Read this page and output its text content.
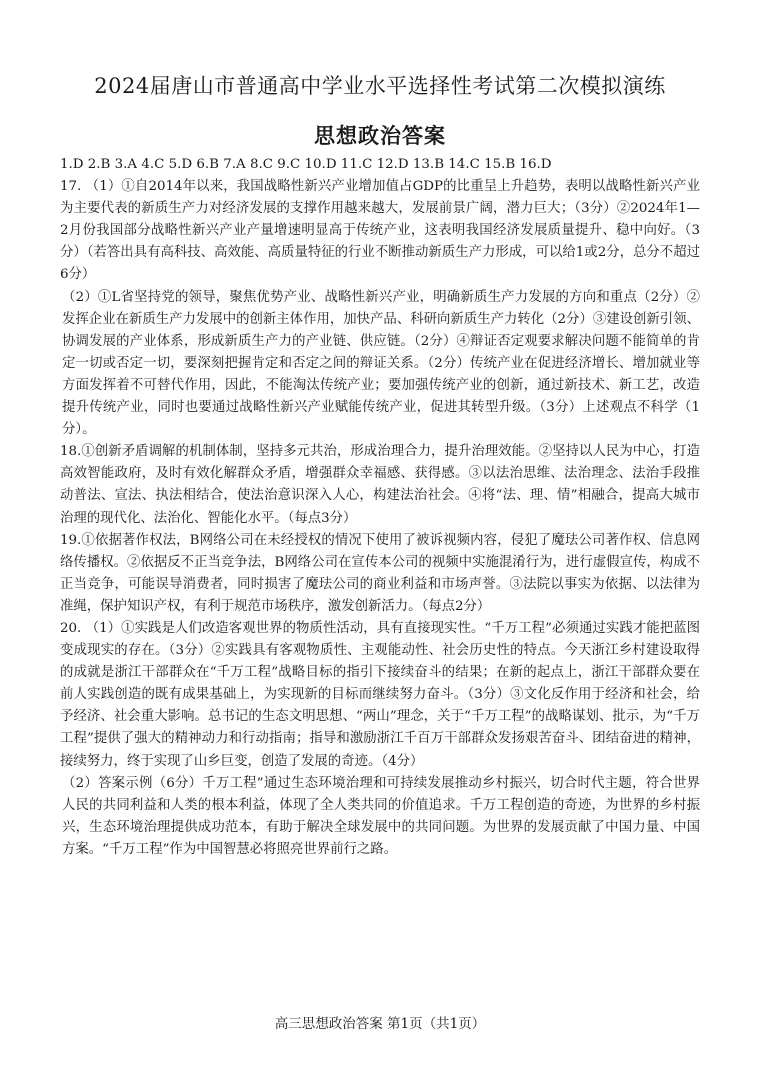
2024届唐山市普通高中学业水平选择性考试第二次模拟演练
思想政治答案

1.D 2.B 3.A 4.C 5.D 6.B 7.A 8.C 9.C 10.D 11.C 12.D 13.B 14.C 15.B 16.D

17. （1）①自2014年以来，我国战略性新兴产业增加值占GDP的比重呈上升趋势，表明以战略性新兴产业为主要代表的新质生产力对经济发展的支撑作用越来越大，发展前景广阔，潜力巨大；（3分）②2024年1—2月份我国部分战略性新兴产业产量增速明显高于传统产业，这表明我国经济发展质量提升、稳中向好。（3分）（若答出具有高科技、高效能、高质量特征的行业不断推动新质生产力形成，可以给1或2分，总分不超过6分）

（2）①L省坚持党的领导，聚焦优势产业、战略性新兴产业，明确新质生产力发展的方向和重点（2分）②发挥企业在新质生产力发展中的创新主体作用，加快产品、科研向新质生产力转化（2分）③建设创新引领、协调发展的产业体系，形成新质生产力的产业链、供应链。（2分）④辩证否定观要求解决问题不能简单的肯定一切或否定一切，要深刻把握肯定和否定之间的辩证关系。（2分）传统产业在促进经济增长、增加就业等方面发挥着不可替代作用，因此，不能淘汰传统产业；要加强传统产业的创新，通过新技术、新工艺，改造提升传统产业，同时也要通过战略性新兴产业赋能传统产业，促进其转型升级。（3分）上述观点不科学（1分）。

18.①创新矛盾调解的机制体制，坚持多元共治，形成治理合力，提升治理效能。②坚持以人民为中心，打造高效智能政府，及时有效化解群众矛盾，增强群众幸福感、获得感。③以法治思维、法治理念、法治手段推动普法、宣法、执法相结合，使法治意识深入人心，构建法治社会。④将“法、理、情”相融合，提高大城市治理的现代化、法治化、智能化水平。（每点3分）

19.①依据著作权法，B网络公司在未经授权的情况下使用了被诉视频内容，侵犯了魔珐公司著作权、信息网络传播权。②依据反不正当竞争法，B网络公司在宣传本公司的视频中实施混淆行为，进行虚假宣传，构成不正当竞争，可能误导消费者，同时损害了魔珐公司的商业利益和市场声誉。③法院以事实为依据、以法律为准绳，保护知识产权，有利于规范市场秩序，激发创新活力。（每点2分）

20. （1）①实践是人们改造客观世界的物质性活动，具有直接现实性。“千万工程”必须通过实践才能把蓝图变成现实的存在。（3分）②实践具有客观物质性、主观能动性、社会历史性的特点。今天浙江乡村建设取得的成就是浙江干部群众在“千万工程”战略目标的指引下接续奋斗的结果；在新的起点上，浙江干部群众要在前人实践创造的既有成果基础上，为实现新的目标而继续努力奋斗。（3分）③文化反作用于经济和社会，给予经济、社会重大影响。总书记的生态文明思想、“两山”理念，关于“千万工程”的战略谋划、批示，为“千万工程”提供了强大的精神动力和行动指南；指导和激励浙江千百万干部群众发扬艰苦奋斗、团结奋进的精神，接续努力，终于实现了山乡巨变，创造了发展的奇迹。（4分）

（2）答案示例（6分）千万工程”通过生态环境治理和可持续发展推动乡村振兴，切合时代主题，符合世界人民的共同利益和人类的根本利益，体现了全人类共同的价值追求。千万工程创造的奇迹，为世界的乡村振兴，生态环境治理提供成功范本，有助于解决全球发展中的共同问题。为世界的发展贡献了中国力量、中国方案。“千万工程”作为中国智慧必将照亮世界前行之路。

高三思想政治答案 第1页（共1页）
